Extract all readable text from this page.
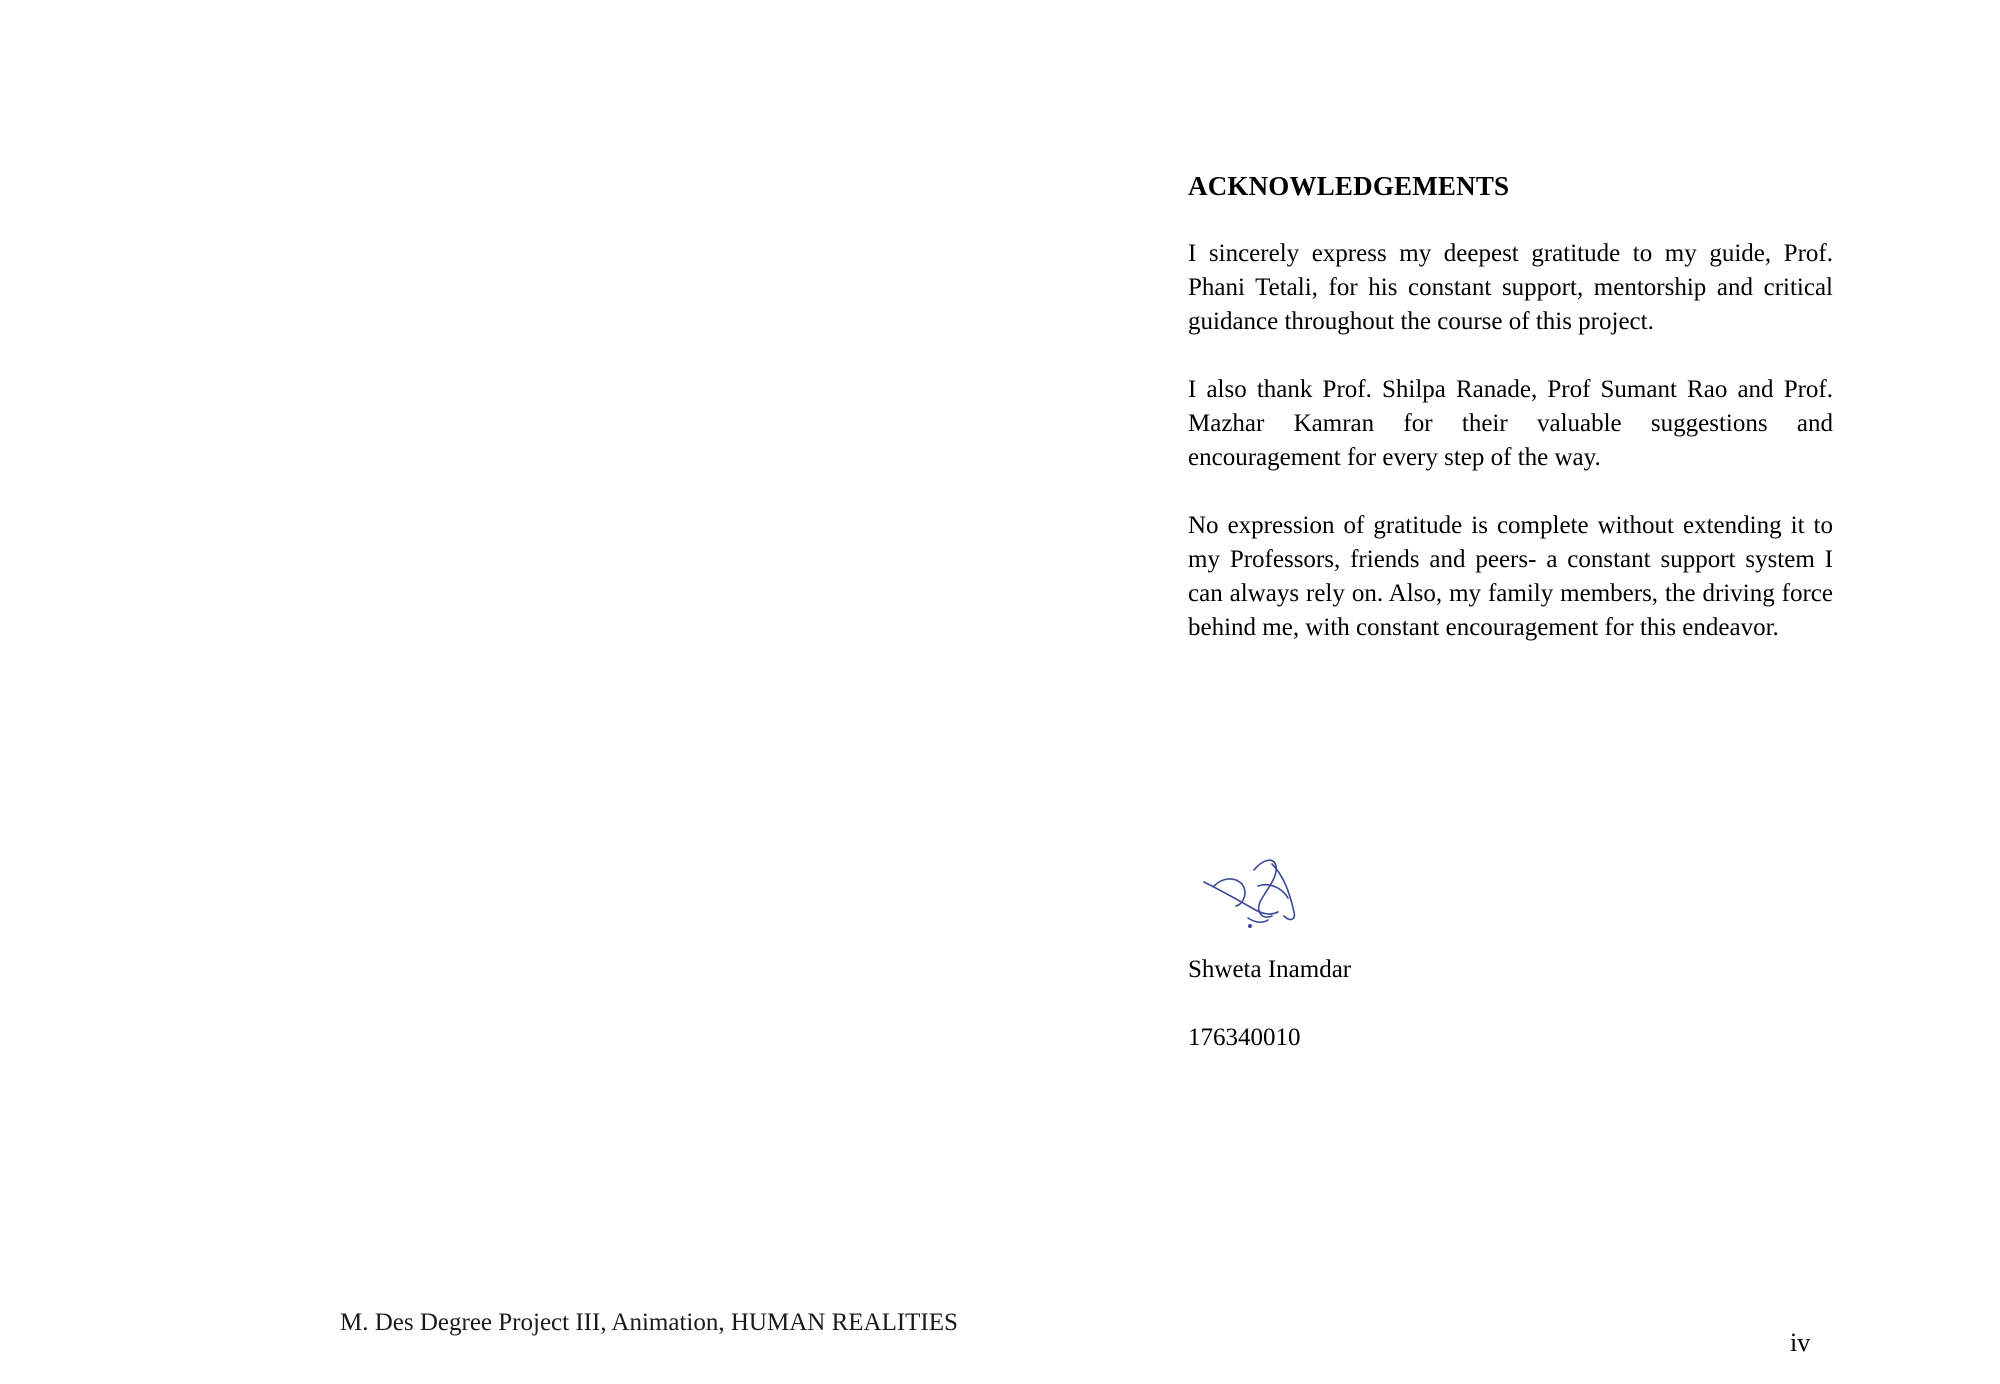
ACKNOWLEDGEMENTS

I sincerely express my deepest gratitude to my guide, Prof. Phani Tetali, for his constant support, mentorship and critical guidance throughout the course of this project.

I also thank Prof. Shilpa Ranade, Prof Sumant Rao and Prof. Mazhar Kamran for their valuable suggestions and encouragement for every step of the way.

No expression of gratitude is complete without extending it to my Professors, friends and peers- a constant support system I can always rely on. Also, my family members, the driving force behind me, with constant encouragement for this endeavor.

Shweta Inamdar
176340010
M. Des Degree Project III, Animation, HUMAN REALITIES
iv
